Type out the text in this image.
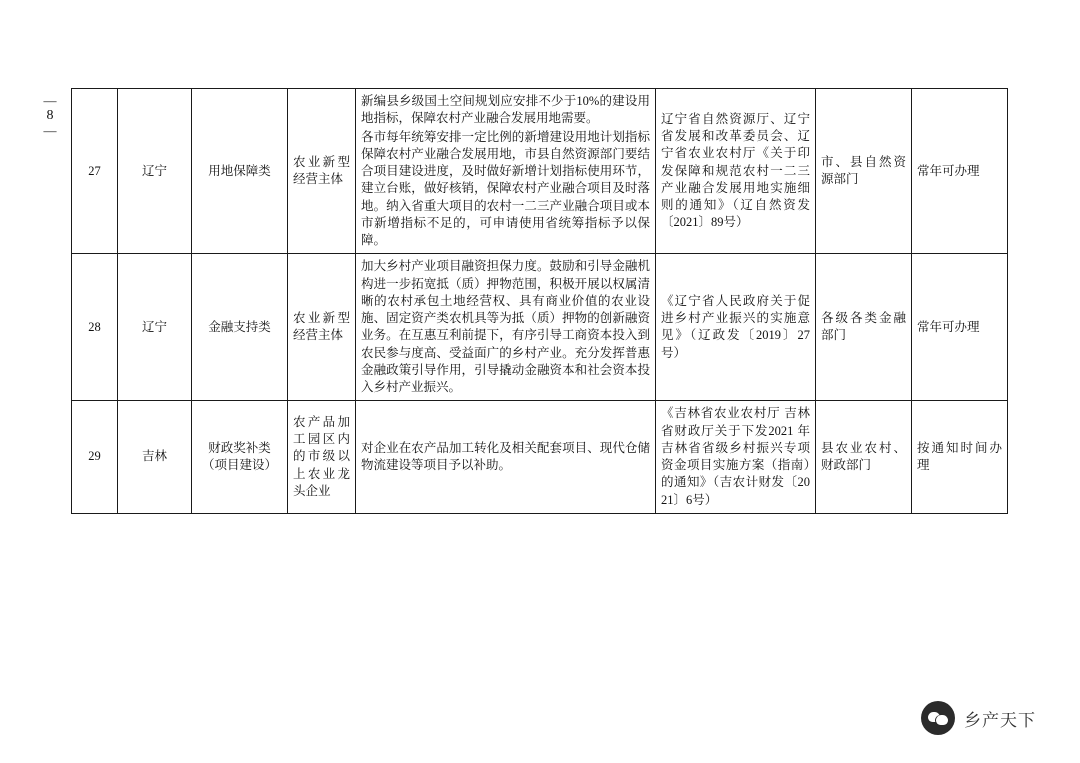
—
8
—
27	辽宁	用地保障类	农业新型经营主体	新编县乡级国土空间规划应安排不少于10%的建设用地指标，保障农村产业融合发展用地需要。

各市每年统筹安排一定比例的新增建设用地计划指标保障农村产业融合发展用地，市县自然资源部门要结合项目建设进度，及时做好新增计划指标使用环节，建立台账，做好核销，保障农村产业融合项目及时落地。纳入省重大项目的农村一二三产业融合项目或本市新增指标不足的，可申请使用省统筹指标予以保障。	辽宁省自然资源厅、辽宁省发展和改革委员会、辽宁省农业农村厅《关于印发保障和规范农村一二三产业融合发展用地实施细则的通知》（辽自然资发〔2021〕89号）	市、县自然资源部门	常年可办理
28	辽宁	金融支持类	农业新型经营主体	加大乡村产业项目融资担保力度。鼓励和引导金融机构进一步拓宽抵（质）押物范围，积极开展以权属清晰的农村承包土地经营权、具有商业价值的农业设施、固定资产类农机具等为抵（质）押物的创新融资业务。在互惠互利前提下，有序引导工商资本投入到农民参与度高、受益面广的乡村产业。充分发挥普惠金融政策引导作用，引导撬动金融资本和社会资本投入乡村产业振兴。	《辽宁省人民政府关于促进乡村产业振兴的实施意见》（辽政发〔2019〕27号）	各级各类金融部门	常年可办理
29	吉林	财政奖补类（项目建设）	农产品加工园区内的市级以上农业龙头企业	对企业在农产品加工转化及相关配套项目、现代仓储物流建设等项目予以补助。	《吉林省农业农村厅 吉林省财政厅关于下发2021 年吉林省省级乡村振兴专项资金项目实施方案（指南）的通知》（吉农计财发〔2021〕6号）	县农业农村、财政部门	按通知时间办理
乡产天下
